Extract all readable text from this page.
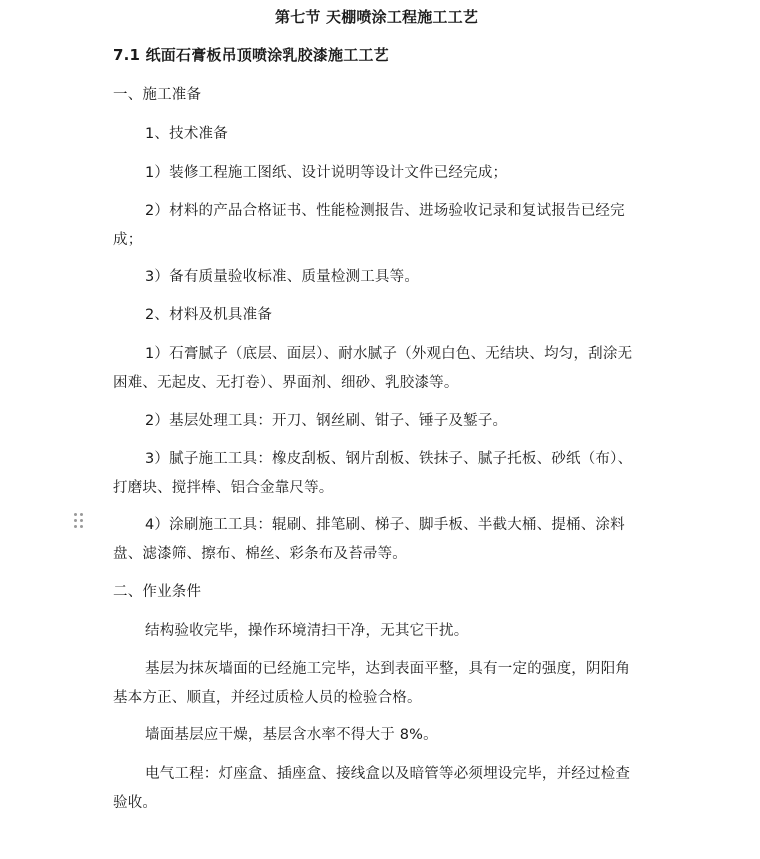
第七节 天棚喷涂工程施工工艺
7.1 纸面石膏板吊顶喷涂乳胶漆施工工艺
一、施工准备
1、技术准备
1）装修工程施工图纸、设计说明等设计文件已经完成；
2）材料的产品合格证书、性能检测报告、进场验收记录和复试报告已经完
成；
3）备有质量验收标准、质量检测工具等。
2、材料及机具准备
1）石膏腻子（底层、面层）、耐水腻子（外观白色、无结块、均匀，刮涂无
困难、无起皮、无打卷）、界面剂、细砂、乳胶漆等。
2）基层处理工具：开刀、钢丝刷、钳子、锤子及錾子。
3）腻子施工工具：橡皮刮板、钢片刮板、铁抹子、腻子托板、砂纸（布）、
打磨块、搅拌棒、铝合金靠尺等。
4）涂刷施工工具：辊刷、排笔刷、梯子、脚手板、半截大桶、提桶、涂料
盘、滤漆筛、擦布、棉丝、彩条布及苔帚等。
二、作业条件
结构验收完毕，操作环境清扫干净，无其它干扰。
基层为抹灰墙面的已经施工完毕，达到表面平整，具有一定的强度，阴阳角
基本方正、顺直，并经过质检人员的检验合格。
墙面基层应干燥，基层含水率不得大于 8%。
电气工程：灯座盒、插座盒、接线盒以及暗管等必须埋设完毕，并经过检查
验收。
